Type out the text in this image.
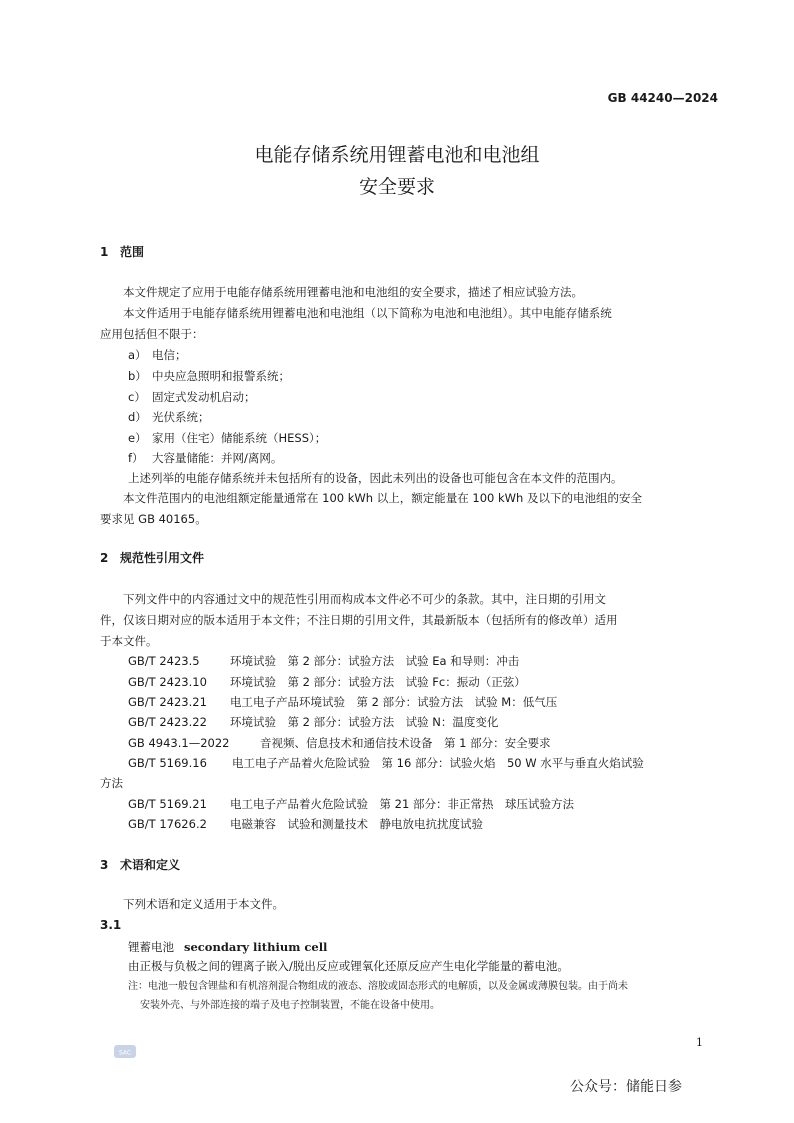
GB 44240—2024
电能存储系统用锂蓄电池和电池组
安全要求
1 范围
本文件规定了应用于电能存储系统用锂蓄电池和电池组的安全要求，描述了相应试验方法。
本文件适用于电能存储系统用锂蓄电池和电池组（以下简称为电池和电池组）。其中电能存储系统
应用包括但不限于：
a） 电信；
b） 中央应急照明和报警系统；
c） 固定式发动机启动；
d） 光伏系统；
e） 家用（住宅）储能系统（HESS）；
f） 大容量储能：并网/离网。
上述列举的电能存储系统并未包括所有的设备，因此未列出的设备也可能包含在本文件的范围内。
本文件范围内的电池组额定能量通常在 100 kWh 以上，额定能量在 100 kWh 及以下的电池组的安全
要求见 GB 40165。
2 规范性引用文件
下列文件中的内容通过文中的规范性引用而构成本文件必不可少的条款。其中，注日期的引用文
件，仅该日期对应的版本适用于本文件；不注日期的引用文件，其最新版本（包括所有的修改单）适用
于本文件。
GB/T 2423.5	环境试验　第 2 部分：试验方法　试验 Ea 和导则：冲击
GB/T 2423.10 环境试验　第 2 部分：试验方法　试验 Fc：振动（正弦）
GB/T 2423.21 电工电子产品环境试验　第 2 部分：试验方法　试验 M：低气压
GB/T 2423.22 环境试验　第 2 部分：试验方法　试验 N：温度变化
GB 4943.1—2022	音视频、信息技术和通信技术设备　第 1 部分：安全要求
GB/T 5169.16 电工电子产品着火危险试验　第 16 部分：试验火焰　50 W 水平与垂直火焰试验
方法
GB/T 5169.21 电工电子产品着火危险试验　第 21 部分：非正常热　球压试验方法
GB/T 17626.2 电磁兼容　试验和测量技术　静电放电抗扰度试验
3 术语和定义
下列术语和定义适用于本文件。
3.1
锂蓄电池 secondary lithium cell
由正极与负极之间的锂离子嵌入/脱出反应或锂氧化还原反应产生电化学能量的蓄电池。
注：电池一般包含锂盐和有机溶剂混合物组成的液态、溶胶或固态形式的电解质，以及金属或薄膜包装。由于尚未
安装外壳、与外部连接的端子及电子控制装置，不能在设备中使用。
SAC
1
公众号：储能日参
